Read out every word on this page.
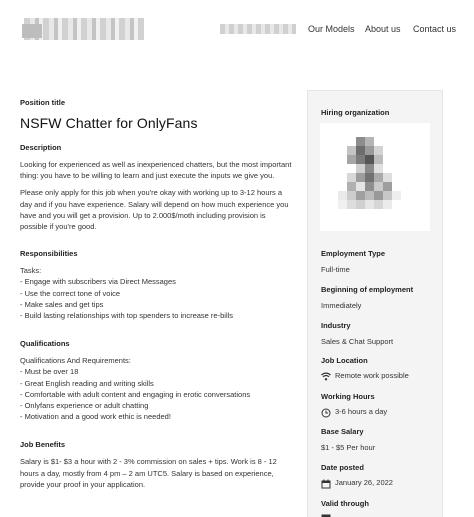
Our Models About us Contact us
Position title
NSFW Chatter for OnlyFans
Description
Looking for experienced as well as inexperienced chatters, but the most important thing: you have to be willing to learn and just execute the inputs we give you.
Please only apply for this job when you're okay with working up to 3-12 hours a day and if you have experience. Salary will depend on how much experience you have and you will get a provision. Up to 2.000$/moth including provision is possible if you're good.
Responsibilities
Tasks:
- Engage with subscribers via Direct Messages
- Use the correct tone of voice
- Make sales and get tips
- Build lasting relationships with top spenders to increase re-bills
Qualifications
Qualifications And Requirements:
- Must be over 18
- Great English reading and writing skills
- Comfortable with adult content and engaging in erotic conversations
- Onlyfans experience or adult chatting
- Motivation and a good work ethic is needed!
Job Benefits
Salary is $1- $3 a hour with 2 - 3% commission on sales + tips. Work is 8 - 12 hours a day, mostly from 4 pm – 2 am UTC5. Salary is based on experience, provide your proof in your application.
Hiring organization
Employment Type
Full-time
Beginning of employment
Immediately
Industry
Sales & Chat Support
Job Location
Remote work possible
Working Hours
3-6 hours a day
Base Salary
$1 - $5 Per hour
Date posted
January 26, 2022
Valid through
